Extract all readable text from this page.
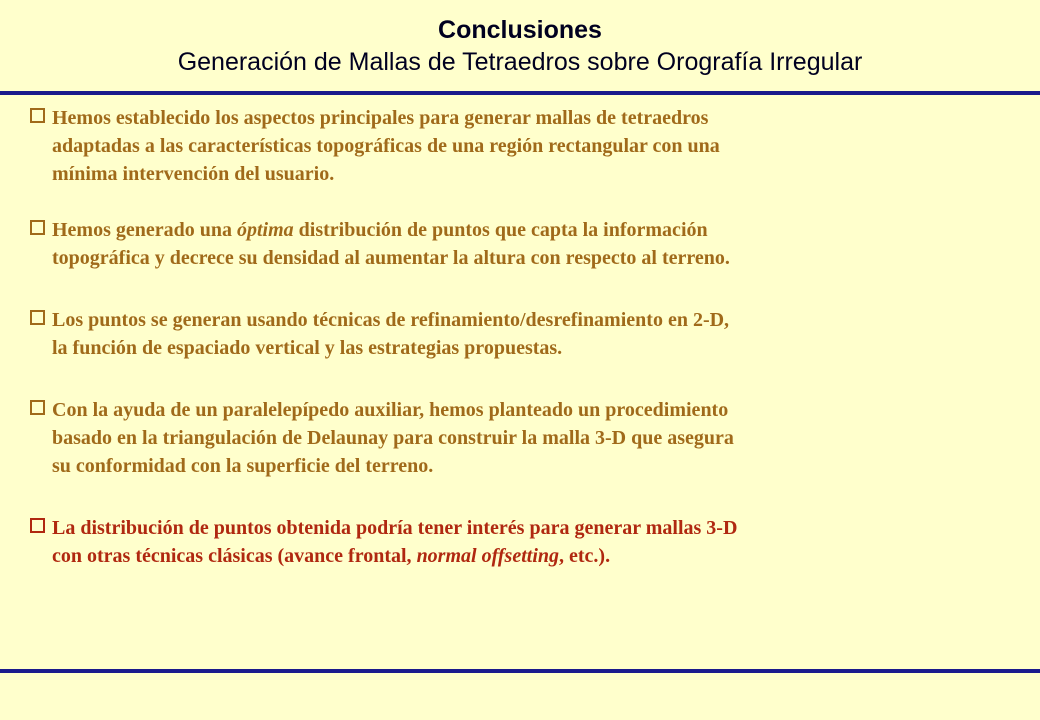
Conclusiones
Generación de Mallas de Tetraedros sobre Orografía Irregular
Hemos establecido los aspectos principales para generar mallas de tetraedros
adaptadas a las características topográficas de una región rectangular con una
mínima intervención del usuario.
Hemos generado una óptima distribución de puntos que capta la información
topográfica y decrece su densidad al aumentar la altura con respecto al terreno.
Los puntos se generan usando técnicas de refinamiento/desrefinamiento en 2-D,
la función de espaciado vertical y las estrategias propuestas.
Con la ayuda de un paralelepípedo auxiliar, hemos planteado un procedimiento
basado en la triangulación de Delaunay para construir la malla 3-D que asegura
su conformidad con la superficie del terreno.
La distribución de puntos obtenida podría tener interés para generar mallas 3-D
con otras técnicas clásicas (avance frontal, normal offsetting, etc.).
